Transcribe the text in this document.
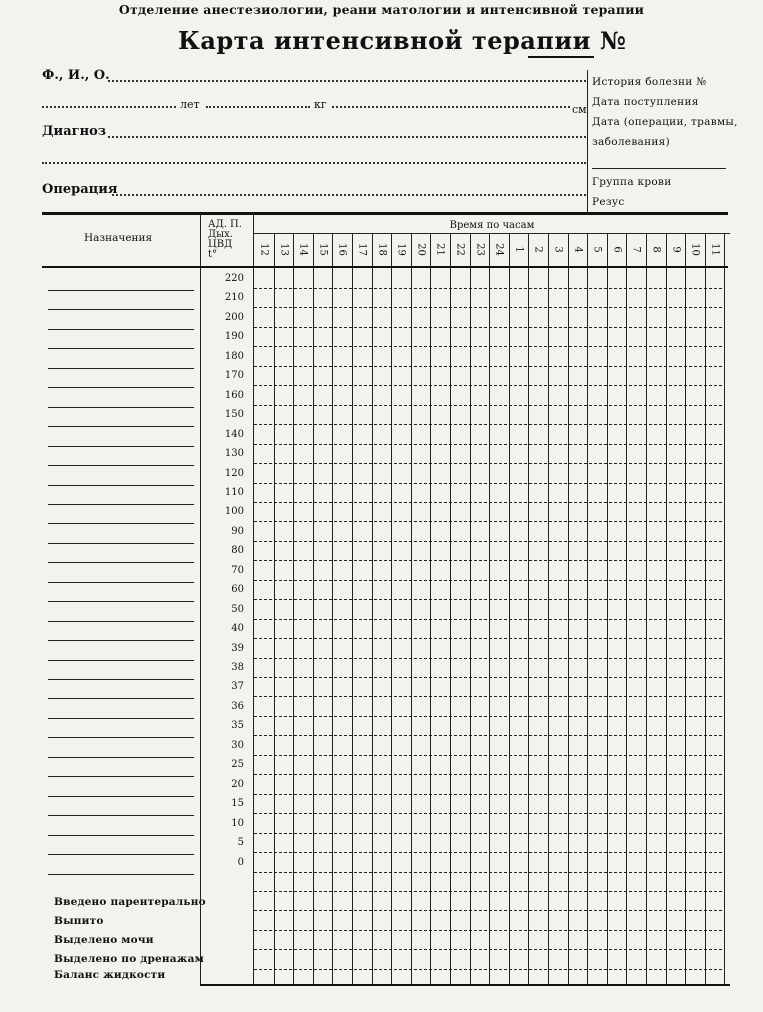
Отделение анестезиологии, реани матологии и интенсивной терапии
Карта интенсивной терапии №
Ф., И., О.
лет	кг	см
Диагноз
Операция
История болезни №
Дата поступления
Дата (операции, травмы,
заболевания)
Группа крови
Резус
Назначения
АД. П.
Дых.
ЦВД
t°
Время по часам
12 13 14 15 16 17 18 19 20 21 22 23 24 1 2 3 4 5 6 7 8 9 10 11
220
210
200
190
180
170
160
150
140
130
120
110
100
90
80
70
60
50
40
39
38
37
36
35
30
25
20
15
10
5
0
Введено парентерально
Выпито
Выделено мочи
Выделено по дренажам
Баланс жидкости
